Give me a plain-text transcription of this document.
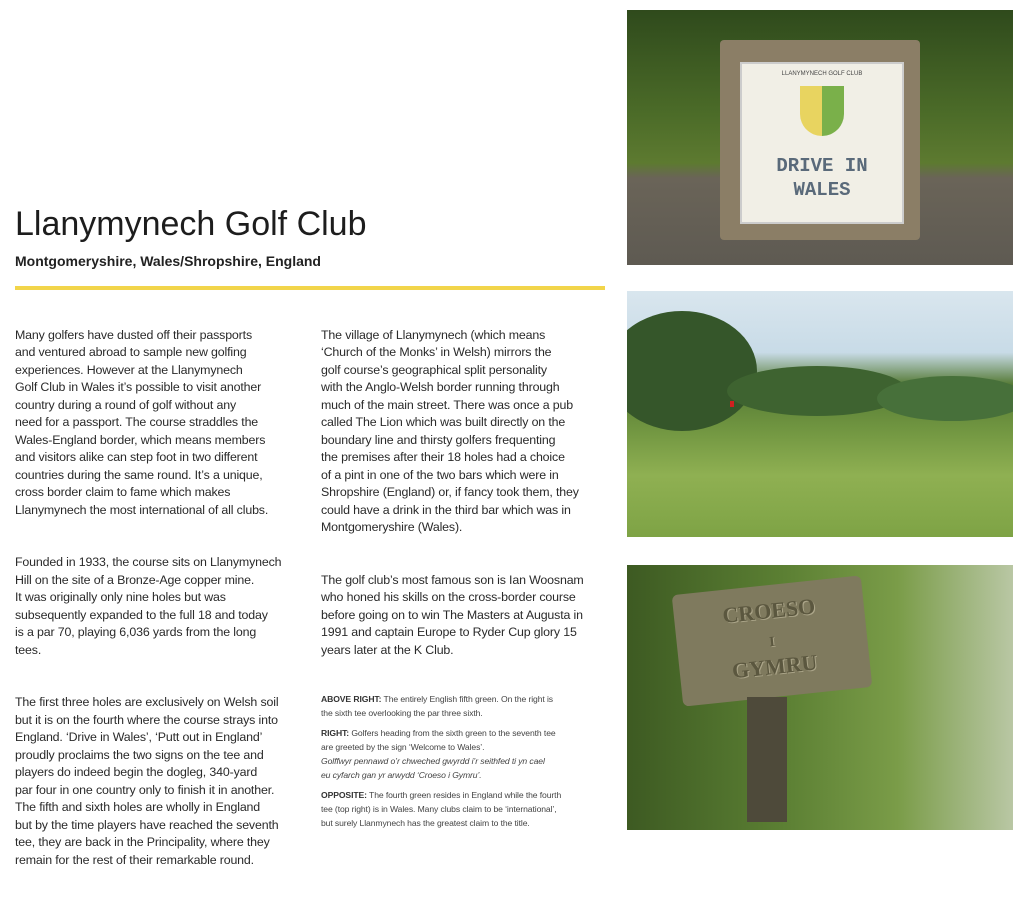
Llanymynech Golf Club
Montgomeryshire, Wales/Shropshire, England

Many golfers have dusted off their passports
and ventured abroad to sample new golfing
experiences. However at the Llanymynech
Golf Club in Wales it’s possible to visit another
country during a round of golf without any
need for a passport. The course straddles the
Wales-England border, which means members
and visitors alike can step foot in two different
countries during the same round. It’s a unique,
cross border claim to fame which makes
Llanymynech the most international of all clubs.

Founded in 1933, the course sits on Llanymynech
Hill on the site of a Bronze-Age copper mine.
It was originally only nine holes but was
subsequently expanded to the full 18 and today
is a par 70, playing 6,036 yards from the long
tees.

The first three holes are exclusively on Welsh soil
but it is on the fourth where the course strays into
England. ‘Drive in Wales’, ‘Putt out in England’
proudly proclaims the two signs on the tee and
players do indeed begin the dogleg, 340-yard
par four in one country only to finish it in another.
The fifth and sixth holes are wholly in England
but by the time players have reached the seventh
tee, they are back in the Principality, where they
remain for the rest of their remarkable round.

The village of Llanymynech (which means
‘Church of the Monks’ in Welsh) mirrors the
golf course’s geographical split personality
with the Anglo-Welsh border running through
much of the main street. There was once a pub
called The Lion which was built directly on the
boundary line and thirsty golfers frequenting
the premises after their 18 holes had a choice
of a pint in one of the two bars which were in
Shropshire (England) or, if fancy took them, they
could have a drink in the third bar which was in
Montgomeryshire (Wales).

The golf club’s most famous son is Ian Woosnam
who honed his skills on the cross-border course
before going on to win The Masters at Augusta in
1991 and captain Europe to Ryder Cup glory 15
years later at the K Club.

ABOVE RIGHT: The entirely English fifth green. On the right is
the sixth tee overlooking the par three sixth.

RIGHT: Golfers heading from the sixth green to the seventh tee
are greeted by the sign ‘Welcome to Wales’.
Golffwyr pennawd o’r chweched gwyrdd i’r seithfed ti yn cael
eu cyfarch gan yr arwydd ‘Croeso i Gymru’.

OPPOSITE: The fourth green resides in England while the fourth
tee (top right) is in Wales. Many clubs claim to be ‘international’,
but surely Llanmynech has the greatest claim to the title.

LLANYMYNECH GOLF CLUB
DRIVE IN
WALES
CROESO
I
GYMRU
